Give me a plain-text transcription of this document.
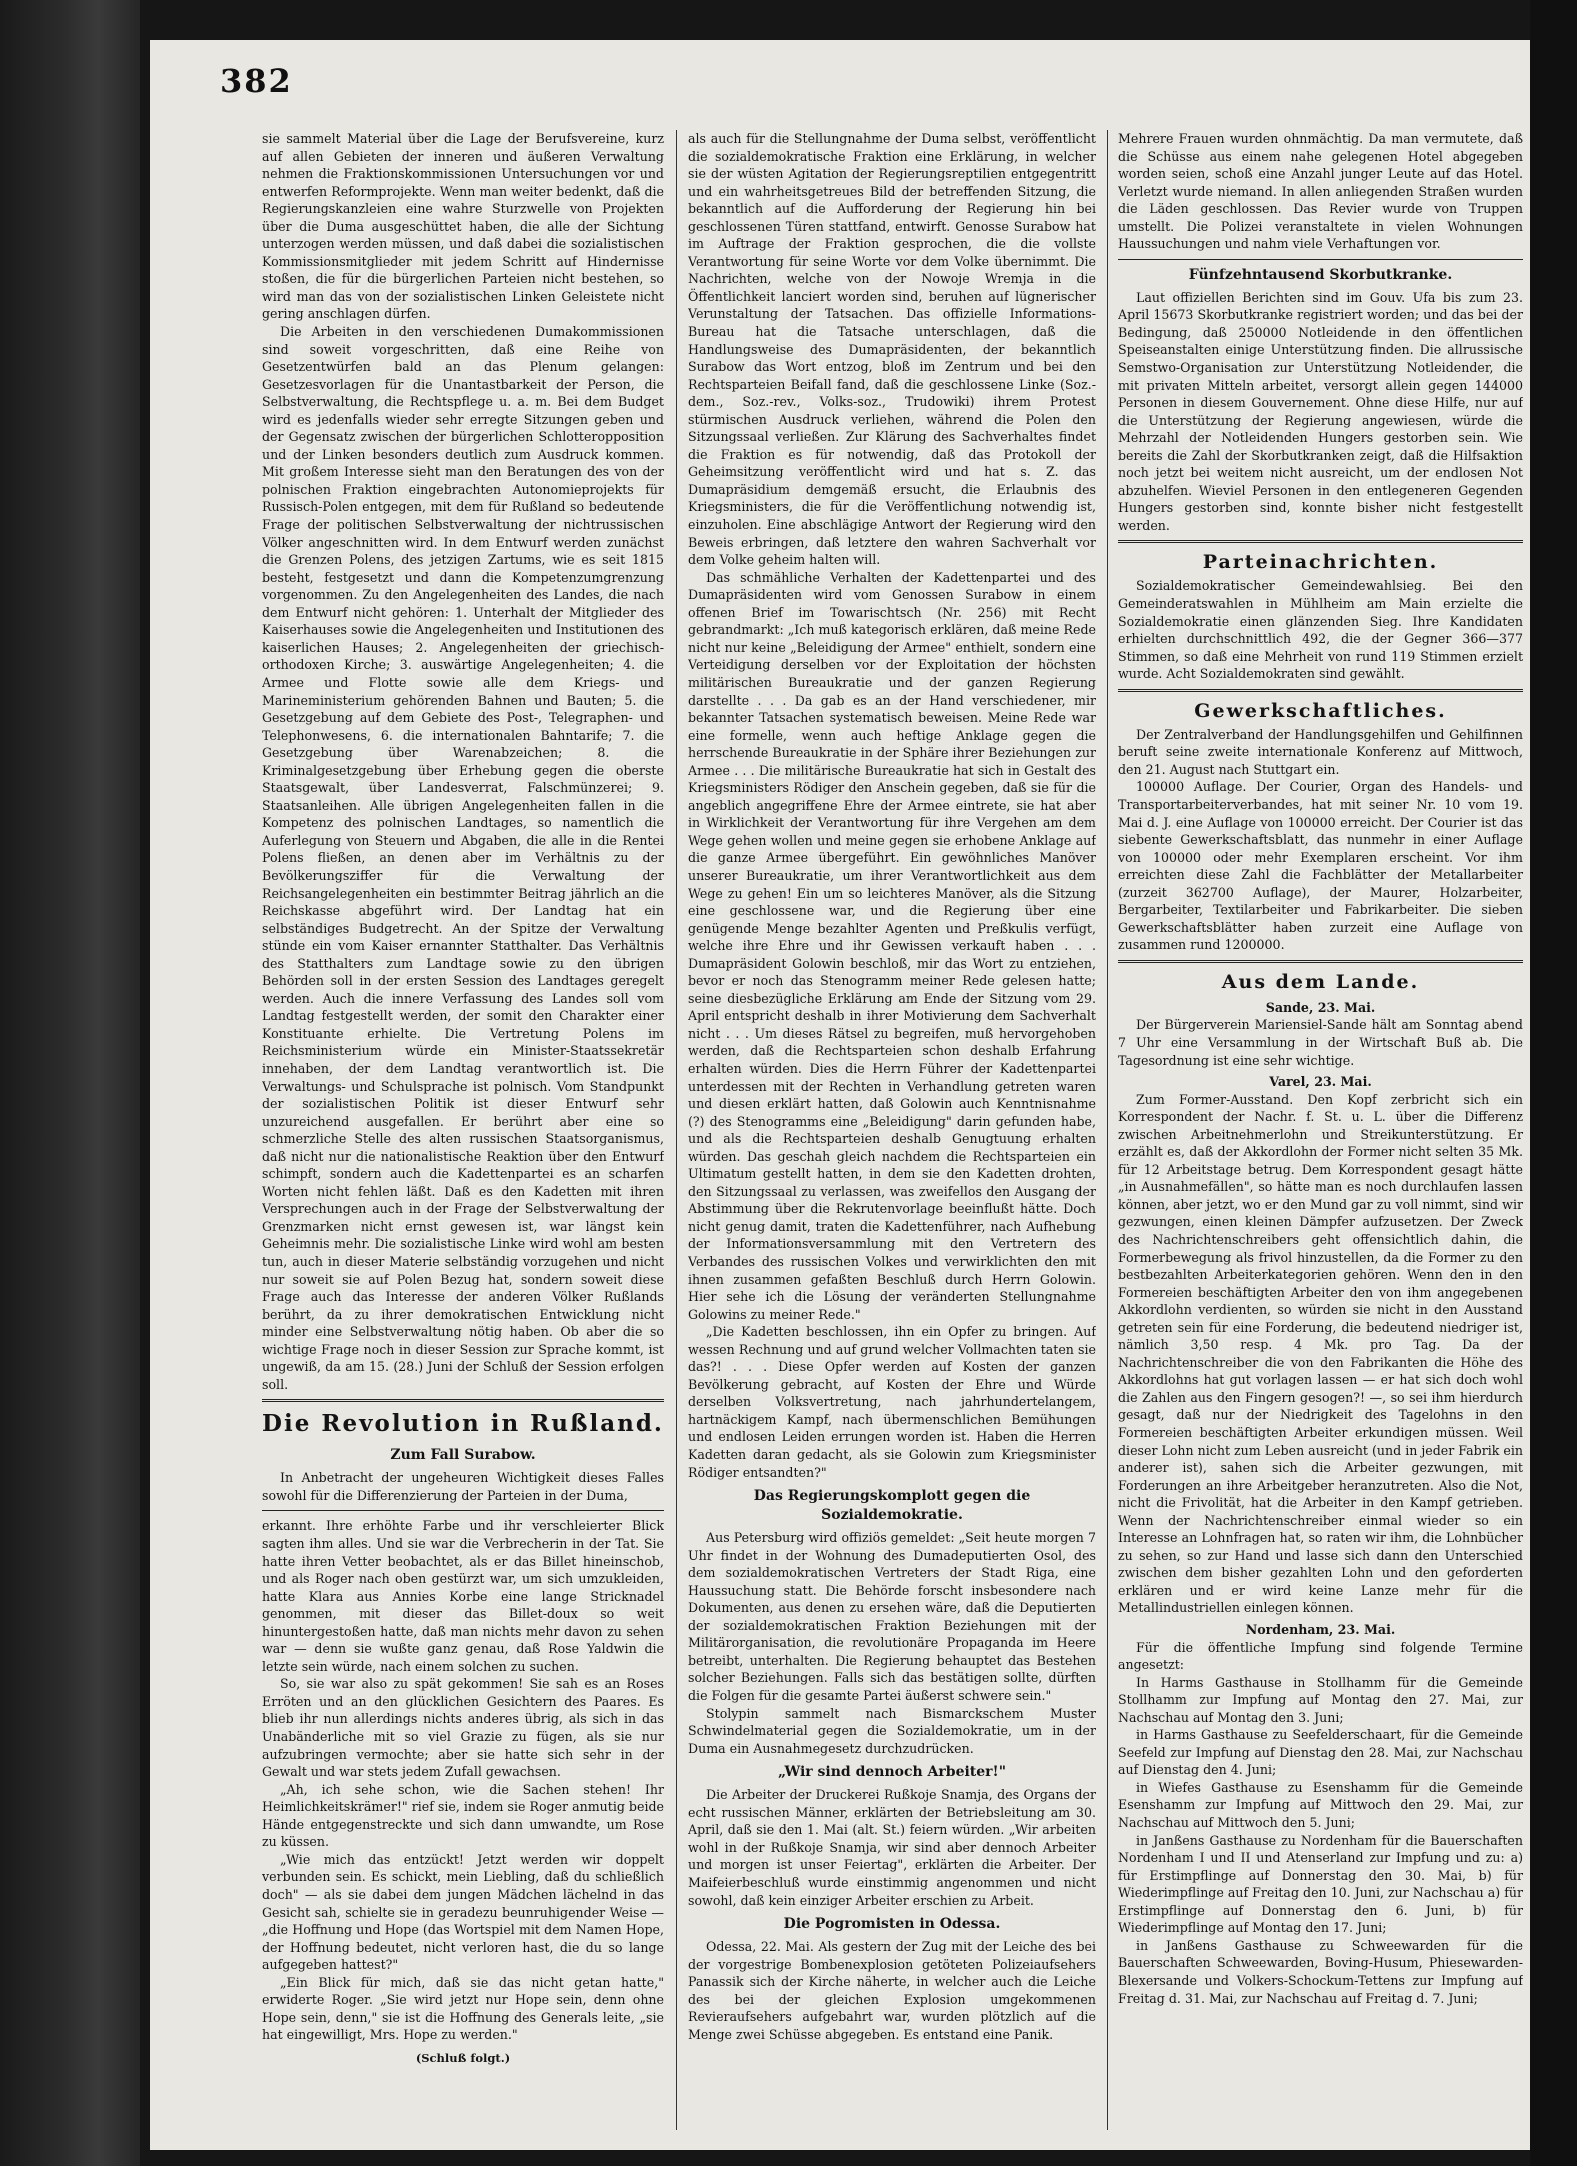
382

sie sammelt Material über die Lage der Berufsvereine, kurz auf allen Gebieten der inneren und äußeren Verwaltung nehmen die Fraktionskommissionen Untersuchungen vor und entwerfen Reformprojekte. Wenn man weiter bedenkt, daß die Regierungskanzleien eine wahre Sturzwelle von Projekten über die Duma ausgeschüttet haben, die alle der Sichtung unterzogen werden müssen, und daß dabei die sozialistischen Kommissionsmitglieder mit jedem Schritt auf Hindernisse stoßen, die für die bürgerlichen Parteien nicht bestehen, so wird man das von der sozialistischen Linken Geleistete nicht gering anschlagen dürfen.

Die Arbeiten in den verschiedenen Dumakommissionen sind soweit vorgeschritten, daß eine Reihe von Gesetzentwürfen bald an das Plenum gelangen: Gesetzesvorlagen für die Unantastbarkeit der Person, die Selbstverwaltung, die Rechtspflege u. a. m. Bei dem Budget wird es jedenfalls wieder sehr erregte Sitzungen geben und der Gegensatz zwischen der bürgerlichen Schlotteropposition und der Linken besonders deutlich zum Ausdruck kommen. Mit großem Interesse sieht man den Beratungen des von der polnischen Fraktion eingebrachten Autonomieprojekts für Russisch-Polen entgegen, mit dem für Rußland so bedeutende Frage der politischen Selbstverwaltung der nichtrussischen Völker angeschnitten wird. In dem Entwurf werden zunächst die Grenzen Polens, des jetzigen Zartums, wie es seit 1815 besteht, festgesetzt und dann die Kompetenzumgrenzung vorgenommen. Zu den Angelegenheiten des Landes, die nach dem Entwurf nicht gehören: 1. Unterhalt der Mitglieder des Kaiserhauses sowie die Angelegenheiten und Institutionen des kaiserlichen Hauses; 2. Angelegenheiten der griechisch-orthodoxen Kirche; 3. auswärtige Angelegenheiten; 4. die Armee und Flotte sowie alle dem Kriegs- und Marineministerium gehörenden Bahnen und Bauten; 5. die Gesetzgebung auf dem Gebiete des Post-, Telegraphen- und Telephonwesens, 6. die internationalen Bahntarife; 7. die Gesetzgebung über Warenabzeichen; 8. die Kriminalgesetzgebung über Erhebung gegen die oberste Staatsgewalt, über Landesverrat, Falschmünzerei; 9. Staatsanleihen. Alle übrigen Angelegenheiten fallen in die Kompetenz des polnischen Landtages, so namentlich die Auferlegung von Steuern und Abgaben, die alle in die Rentei Polens fließen, an denen aber im Verhältnis zu der Bevölkerungsziffer für die Verwaltung der Reichsangelegenheiten ein bestimmter Beitrag jährlich an die Reichskasse abgeführt wird. Der Landtag hat ein selbständiges Budgetrecht. An der Spitze der Verwaltung stünde ein vom Kaiser ernannter Statthalter. Das Verhältnis des Statthalters zum Landtage sowie zu den übrigen Behörden soll in der ersten Session des Landtages geregelt werden. Auch die innere Verfassung des Landes soll vom Landtag festgestellt werden, der somit den Charakter einer Konstituante erhielte. Die Vertretung Polens im Reichsministerium würde ein Minister-Staatssekretär innehaben, der dem Landtag verantwortlich ist. Die Verwaltungs- und Schulsprache ist polnisch. Vom Standpunkt der sozialistischen Politik ist dieser Entwurf sehr unzureichend ausgefallen. Er berührt aber eine so schmerzliche Stelle des alten russischen Staatsorganismus, daß nicht nur die nationalistische Reaktion über den Entwurf schimpft, sondern auch die Kadettenpartei es an scharfen Worten nicht fehlen läßt. Daß es den Kadetten mit ihren Versprechungen auch in der Frage der Selbstverwaltung der Grenzmarken nicht ernst gewesen ist, war längst kein Geheimnis mehr. Die sozialistische Linke wird wohl am besten tun, auch in dieser Materie selbständig vorzugehen und nicht nur soweit sie auf Polen Bezug hat, sondern soweit diese Frage auch das Interesse der anderen Völker Rußlands berührt, da zu ihrer demokratischen Entwicklung nicht minder eine Selbstverwaltung nötig haben. Ob aber die so wichtige Frage noch in dieser Session zur Sprache kommt, ist ungewiß, da am 15. (28.) Juni der Schluß der Session erfolgen soll.

Die Revolution in Rußland.
Zum Fall Surabow.

In Anbetracht der ungeheuren Wichtigkeit dieses Falles sowohl für die Differenzierung der Parteien in der Duma,

erkannt. Ihre erhöhte Farbe und ihr verschleierter Blick sagten ihm alles. Und sie war die Verbrecherin in der Tat. Sie hatte ihren Vetter beobachtet, als er das Billet hineinschob, und als Roger nach oben gestürzt war, um sich umzukleiden, hatte Klara aus Annies Korbe eine lange Stricknadel genommen, mit dieser das Billet-doux so weit hinuntergestoßen hatte, daß man nichts mehr davon zu sehen war — denn sie wußte ganz genau, daß Rose Yaldwin die letzte sein würde, nach einem solchen zu suchen.

So, sie war also zu spät gekommen! Sie sah es an Roses Erröten und an den glücklichen Gesichtern des Paares. Es blieb ihr nun allerdings nichts anderes übrig, als sich in das Unabänderliche mit so viel Grazie zu fügen, als sie nur aufzubringen vermochte; aber sie hatte sich sehr in der Gewalt und war stets jedem Zufall gewachsen.

„Ah, ich sehe schon, wie die Sachen stehen! Ihr Heimlichkeitskrämer!" rief sie, indem sie Roger anmutig beide Hände entgegenstreckte und sich dann umwandte, um Rose zu küssen.

„Wie mich das entzückt! Jetzt werden wir doppelt verbunden sein. Es schickt, mein Liebling, daß du schließlich doch" — als sie dabei dem jungen Mädchen lächelnd in das Gesicht sah, schielte sie in geradezu beunruhigender Weise — „die Hoffnung und Hope (das Wortspiel mit dem Namen Hope, der Hoffnung bedeutet, nicht verloren hast, die du so lange aufgegeben hattest?"

„Ein Blick für mich, daß sie das nicht getan hatte," erwiderte Roger. „Sie wird jetzt nur Hope sein, denn ohne Hope sein, denn," sie ist die Hoffnung des Generals leite, „sie hat eingewilligt, Mrs. Hope zu werden."

(Schluß folgt.)

als auch für die Stellungnahme der Duma selbst, veröffentlicht die sozialdemokratische Fraktion eine Erklärung, in welcher sie der wüsten Agitation der Regierungsreptilien entgegentritt und ein wahrheitsgetreues Bild der betreffenden Sitzung, die bekanntlich auf die Aufforderung der Regierung hin bei geschlossenen Türen stattfand, entwirft. Genosse Surabow hat im Auftrage der Fraktion gesprochen, die die vollste Verantwortung für seine Worte vor dem Volke übernimmt. Die Nachrichten, welche von der Nowoje Wremja in die Öffentlichkeit lanciert worden sind, beruhen auf lügnerischer Verunstaltung der Tatsachen. Das offizielle Informations-Bureau hat die Tatsache unterschlagen, daß die Handlungsweise des Dumapräsidenten, der bekanntlich Surabow das Wort entzog, bloß im Zentrum und bei den Rechtsparteien Beifall fand, daß die geschlossene Linke (Soz.-dem., Soz.-rev., Volks-soz., Trudowiki) ihrem Protest stürmischen Ausdruck verliehen, während die Polen den Sitzungssaal verließen. Zur Klärung des Sachverhaltes findet die Fraktion es für notwendig, daß das Protokoll der Geheimsitzung veröffentlicht wird und hat s. Z. das Dumapräsidium demgemäß ersucht, die Erlaubnis des Kriegsministers, die für die Veröffentlichung notwendig ist, einzuholen. Eine abschlägige Antwort der Regierung wird den Beweis erbringen, daß letztere den wahren Sachverhalt vor dem Volke geheim halten will.

Das schmähliche Verhalten der Kadettenpartei und des Dumapräsidenten wird vom Genossen Surabow in einem offenen Brief im Towarischtsch (Nr. 256) mit Recht gebrandmarkt: „Ich muß kategorisch erklären, daß meine Rede nicht nur keine „Beleidigung der Armee" enthielt, sondern eine Verteidigung derselben vor der Exploitation der höchsten militärischen Bureaukratie und der ganzen Regierung darstellte . . . Da gab es an der Hand verschiedener, mir bekannter Tatsachen systematisch beweisen. Meine Rede war eine formelle, wenn auch heftige Anklage gegen die herrschende Bureaukratie in der Sphäre ihrer Beziehungen zur Armee . . . Die militärische Bureaukratie hat sich in Gestalt des Kriegsministers Rödiger den Anschein gegeben, daß sie für die angeblich angegriffene Ehre der Armee eintrete, sie hat aber in Wirklichkeit der Verantwortung für ihre Vergehen am dem Wege gehen wollen und meine gegen sie erhobene Anklage auf die ganze Armee übergeführt. Ein gewöhnliches Manöver unserer Bureaukratie, um ihrer Verantwortlichkeit aus dem Wege zu gehen! Ein um so leichteres Manöver, als die Sitzung eine geschlossene war, und die Regierung über eine genügende Menge bezahlter Agenten und Preßkulis verfügt, welche ihre Ehre und ihr Gewissen verkauft haben . . . Dumapräsident Golowin beschloß, mir das Wort zu entziehen, bevor er noch das Stenogramm meiner Rede gelesen hatte; seine diesbezügliche Erklärung am Ende der Sitzung vom 29. April entspricht deshalb in ihrer Motivierung dem Sachverhalt nicht . . . Um dieses Rätsel zu begreifen, muß hervorgehoben werden, daß die Rechtsparteien schon deshalb Erfahrung erhalten würden. Dies die Herrn Führer der Kadettenpartei unterdessen mit der Rechten in Verhandlung getreten waren und diesen erklärt hatten, daß Golowin auch Kenntnisnahme (?) des Stenogramms eine „Beleidigung" darin gefunden habe, und als die Rechtsparteien deshalb Genugtuung erhalten würden. Das geschah gleich nachdem die Rechtsparteien ein Ultimatum gestellt hatten, in dem sie den Kadetten drohten, den Sitzungssaal zu verlassen, was zweifellos den Ausgang der Abstimmung über die Rekrutenvorlage beeinflußt hätte. Doch nicht genug damit, traten die Kadettenführer, nach Aufhebung der Informationsversammlung mit den Vertretern des Verbandes des russischen Volkes und verwirklichten den mit ihnen zusammen gefaßten Beschluß durch Herrn Golowin. Hier sehe ich die Lösung der veränderten Stellungnahme Golowins zu meiner Rede."

„Die Kadetten beschlossen, ihn ein Opfer zu bringen. Auf wessen Rechnung und auf grund welcher Vollmachten taten sie das?! . . . Diese Opfer werden auf Kosten der ganzen Bevölkerung gebracht, auf Kosten der Ehre und Würde derselben Volksvertretung, nach jahrhundertelangem, hartnäckigem Kampf, nach übermenschlichen Bemühungen und endlosen Leiden errungen worden ist. Haben die Herren Kadetten daran gedacht, als sie Golowin zum Kriegsminister Rödiger entsandten?"

Das Regierungskomplott gegen die Sozialdemokratie.

Aus Petersburg wird offiziös gemeldet: „Seit heute morgen 7 Uhr findet in der Wohnung des Dumadeputierten Osol, des dem sozialdemokratischen Vertreters der Stadt Riga, eine Haussuchung statt. Die Behörde forscht insbesondere nach Dokumenten, aus denen zu ersehen wäre, daß die Deputierten der sozialdemokratischen Fraktion Beziehungen mit der Militärorganisation, die revolutionäre Propaganda im Heere betreibt, unterhalten. Die Regierung behauptet das Bestehen solcher Beziehungen. Falls sich das bestätigen sollte, dürften die Folgen für die gesamte Partei äußerst schwere sein."

Stolypin sammelt nach Bismarckschem Muster Schwindelmaterial gegen die Sozialdemokratie, um in der Duma ein Ausnahmegesetz durchzudrücken.

„Wir sind dennoch Arbeiter!"

Die Arbeiter der Druckerei Rußkoje Snamja, des Organs der echt russischen Männer, erklärten der Betriebsleitung am 30. April, daß sie den 1. Mai (alt. St.) feiern würden. „Wir arbeiten wohl in der Rußkoje Snamja, wir sind aber dennoch Arbeiter und morgen ist unser Feiertag", erklärten die Arbeiter. Der Maifeierbeschluß wurde einstimmig angenommen und nicht sowohl, daß kein einziger Arbeiter erschien zu Arbeit.

Die Pogromisten in Odessa.

Odessa, 22. Mai. Als gestern der Zug mit der Leiche des bei der vorgestrige Bombenexplosion getöteten Polizeiaufsehers Panassik sich der Kirche näherte, in welcher auch die Leiche des bei der gleichen Explosion umgekommenen Revieraufsehers aufgebahrt war, wurden plötzlich auf die Menge zwei Schüsse abgegeben. Es entstand eine Panik.

Mehrere Frauen wurden ohnmächtig. Da man vermutete, daß die Schüsse aus einem nahe gelegenen Hotel abgegeben worden seien, schoß eine Anzahl junger Leute auf das Hotel. Verletzt wurde niemand. In allen anliegenden Straßen wurden die Läden geschlossen. Das Revier wurde von Truppen umstellt. Die Polizei veranstaltete in vielen Wohnungen Haussuchungen und nahm viele Verhaftungen vor.

Fünfzehntausend Skorbutkranke.

Laut offiziellen Berichten sind im Gouv. Ufa bis zum 23. April 15673 Skorbutkranke registriert worden; und das bei der Bedingung, daß 250000 Notleidende in den öffentlichen Speiseanstalten einige Unterstützung finden. Die allrussische Semstwo-Organisation zur Unterstützung Notleidender, die mit privaten Mitteln arbeitet, versorgt allein gegen 144000 Personen in diesem Gouvernement. Ohne diese Hilfe, nur auf die Unterstützung der Regierung angewiesen, würde die Mehrzahl der Notleidenden Hungers gestorben sein. Wie bereits die Zahl der Skorbutkranken zeigt, daß die Hilfsaktion noch jetzt bei weitem nicht ausreicht, um der endlosen Not abzuhelfen. Wieviel Personen in den entlegeneren Gegenden Hungers gestorben sind, konnte bisher nicht festgestellt werden.

Parteinachrichten.

Sozialdemokratischer Gemeindewahlsieg. Bei den Gemeinderatswahlen in Mühlheim am Main erzielte die Sozialdemokratie einen glänzenden Sieg. Ihre Kandidaten erhielten durchschnittlich 492, die der Gegner 366—377 Stimmen, so daß eine Mehrheit von rund 119 Stimmen erzielt wurde. Acht Sozialdemokraten sind gewählt.

Gewerkschaftliches.

Der Zentralverband der Handlungsgehilfen und Gehilfinnen beruft seine zweite internationale Konferenz auf Mittwoch, den 21. August nach Stuttgart ein.

100000 Auflage. Der Courier, Organ des Handels- und Transportarbeiterverbandes, hat mit seiner Nr. 10 vom 19. Mai d. J. eine Auflage von 100000 erreicht. Der Courier ist das siebente Gewerkschaftsblatt, das nunmehr in einer Auflage von 100000 oder mehr Exemplaren erscheint. Vor ihm erreichten diese Zahl die Fachblätter der Metallarbeiter (zurzeit 362700 Auflage), der Maurer, Holzarbeiter, Bergarbeiter, Textilarbeiter und Fabrikarbeiter. Die sieben Gewerkschaftsblätter haben zurzeit eine Auflage von zusammen rund 1200000.

Aus dem Lande.
Sande, 23. Mai.

Der Bürgerverein Mariensiel-Sande hält am Sonntag abend 7 Uhr eine Versammlung in der Wirtschaft Buß ab. Die Tagesordnung ist eine sehr wichtige.

Varel, 23. Mai.

Zum Former-Ausstand. Den Kopf zerbricht sich ein Korrespondent der Nachr. f. St. u. L. über die Differenz zwischen Arbeitnehmerlohn und Streikunterstützung. Er erzählt es, daß der Akkordlohn der Former nicht selten 35 Mk. für 12 Arbeitstage betrug. Dem Korrespondent gesagt hätte „in Ausnahmefällen", so hätte man es noch durchlaufen lassen können, aber jetzt, wo er den Mund gar zu voll nimmt, sind wir gezwungen, einen kleinen Dämpfer aufzusetzen. Der Zweck des Nachrichtenschreibers geht offensichtlich dahin, die Formerbewegung als frivol hinzustellen, da die Former zu den bestbezahlten Arbeiterkategorien gehören. Wenn den in den Formereien beschäftigten Arbeiter den von ihm angegebenen Akkordlohn verdienten, so würden sie nicht in den Ausstand getreten sein für eine Forderung, die bedeutend niedriger ist, nämlich 3,50 resp. 4 Mk. pro Tag. Da der Nachrichtenschreiber die von den Fabrikanten die Höhe des Akkordlohns hat gut vorlagen lassen — er hat sich doch wohl die Zahlen aus den Fingern gesogen?! —, so sei ihm hierdurch gesagt, daß nur der Niedrigkeit des Tagelohns in den Formereien beschäftigten Arbeiter erkundigen müssen. Weil dieser Lohn nicht zum Leben ausreicht (und in jeder Fabrik ein anderer ist), sahen sich die Arbeiter gezwungen, mit Forderungen an ihre Arbeitgeber heranzutreten. Also die Not, nicht die Frivolität, hat die Arbeiter in den Kampf getrieben. Wenn der Nachrichtenschreiber einmal wieder so ein Interesse an Lohnfragen hat, so raten wir ihm, die Lohnbücher zu sehen, so zur Hand und lasse sich dann den Unterschied zwischen dem bisher gezahlten Lohn und den geforderten erklären und er wird keine Lanze mehr für die Metallindustriellen einlegen können.

Nordenham, 23. Mai.

Für die öffentliche Impfung sind folgende Termine angesetzt:

In Harms Gasthause in Stollhamm für die Gemeinde Stollhamm zur Impfung auf Montag den 27. Mai, zur Nachschau auf Montag den 3. Juni;

in Harms Gasthause zu Seefelderschaart, für die Gemeinde Seefeld zur Impfung auf Dienstag den 28. Mai, zur Nachschau auf Dienstag den 4. Juni;

in Wiefes Gasthause zu Esenshamm für die Gemeinde Esenshamm zur Impfung auf Mittwoch den 29. Mai, zur Nachschau auf Mittwoch den 5. Juni;

in Janßens Gasthause zu Nordenham für die Bauerschaften Nordenham I und II und Atenserland zur Impfung und zu: a) für Erstimpflinge auf Donnerstag den 30. Mai, b) für Wiederimpflinge auf Freitag den 10. Juni, zur Nachschau a) für Erstimpflinge auf Donnerstag den 6. Juni, b) für Wiederimpflinge auf Montag den 17. Juni;

in Janßens Gasthause zu Schweewarden für die Bauerschaften Schweewarden, Boving-Husum, Phiesewarden-Blexersande und Volkers-Schockum-Tettens zur Impfung auf Freitag d. 31. Mai, zur Nachschau auf Freitag d. 7. Juni;
